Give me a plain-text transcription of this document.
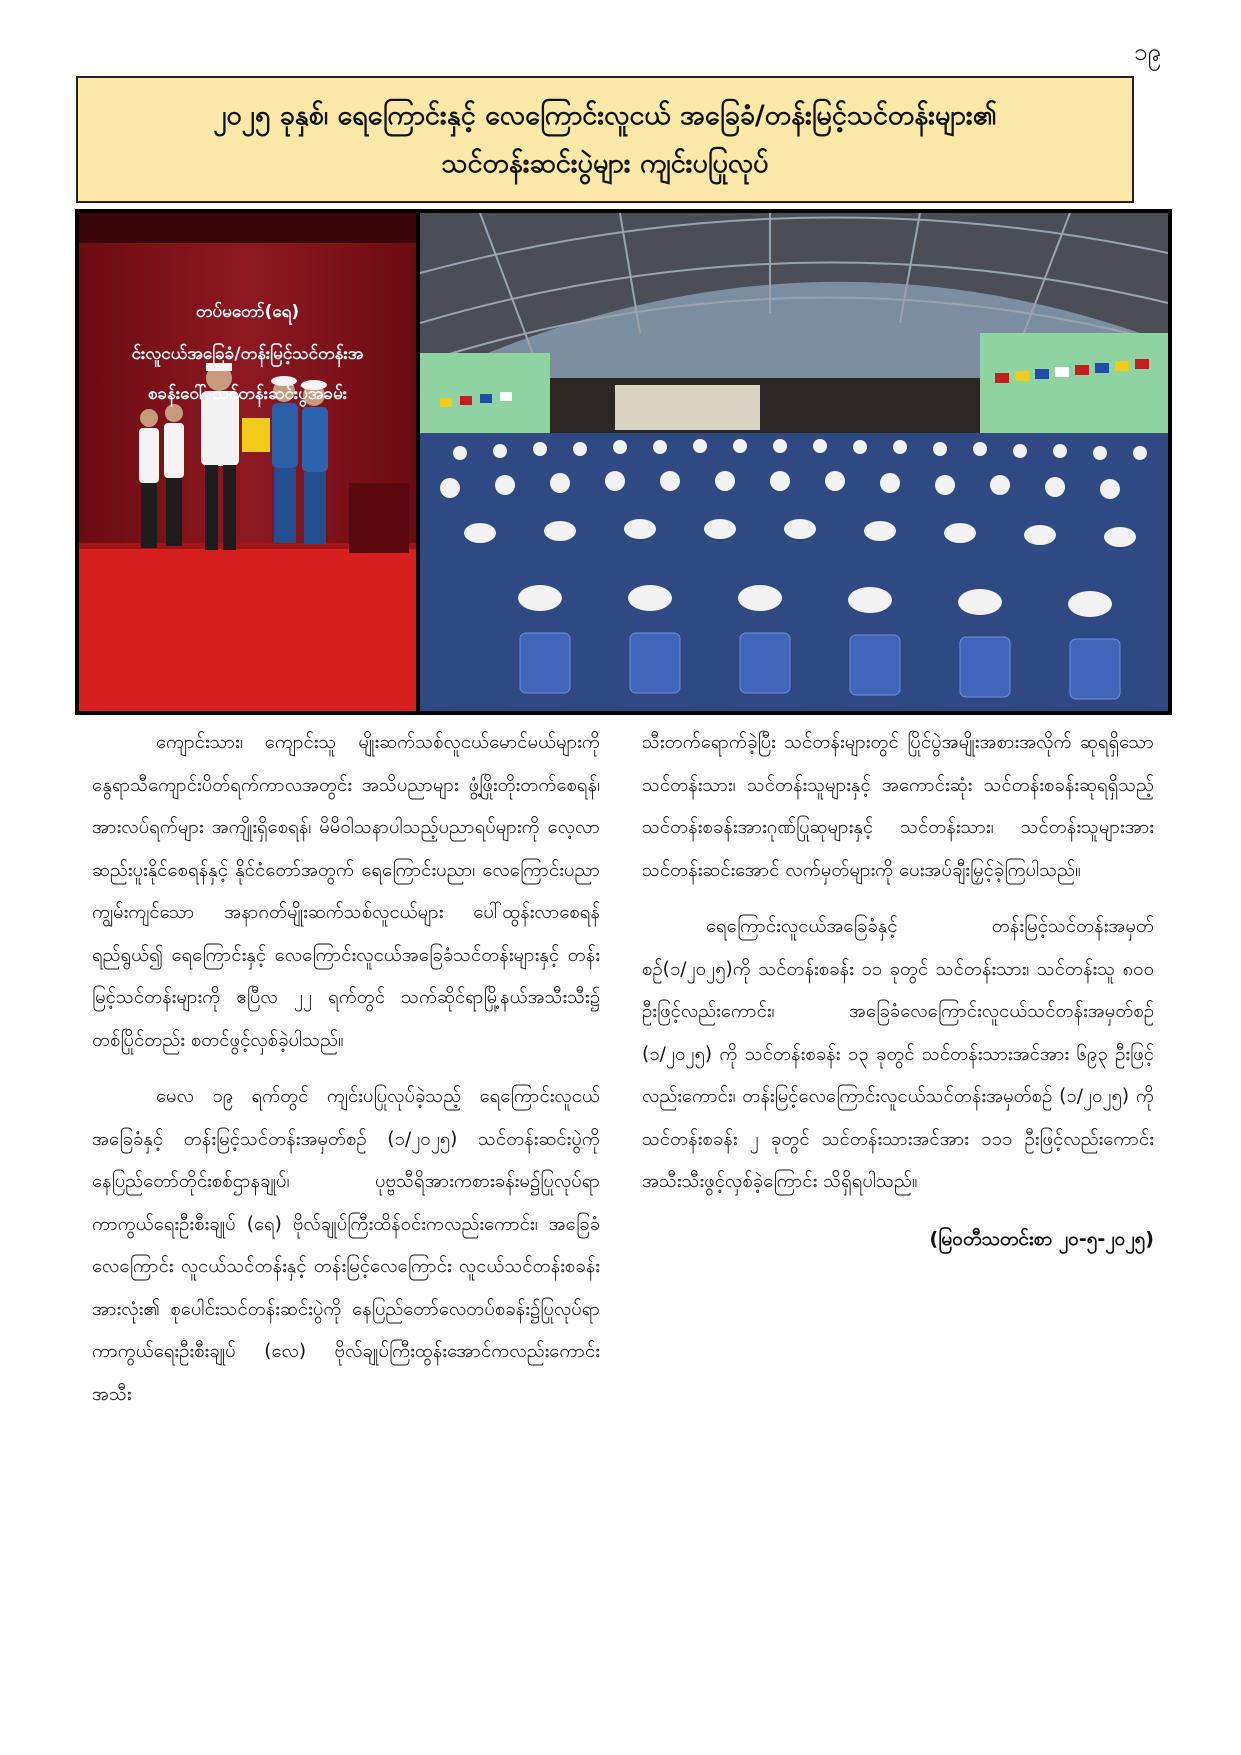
၁၉
၂၀၂၅ ခုနှစ်၊ ရေကြောင်းနှင့် လေကြောင်းလူငယ် အခြေခံ/တန်းမြင့်သင်တန်းများ၏
သင်တန်းဆင်းပွဲများ ကျင်းပပြုလုပ်
တပ်မတော်(ရေ)
င်းလူငယ်အခြေခံ/တန်းမြင့်သင်တန်းအ
စခန်းဝေါ် သင်တန်းဆင်းပွဲအခမ်း

ကျောင်းသား၊ ကျောင်းသူ မျိုးဆက်သစ်လူငယ်မောင်မယ်များကို နွေရာသီကျောင်းပိတ်ရက်ကာလအတွင်း အသိပညာများ ဖွံ့ဖြိုးတိုးတက်စေရန်၊ အားလပ်ရက်များ အကျိုးရှိစေရန်၊ မိမိဝါသနာပါသည့်ပညာရပ်များကို လေ့လာ ဆည်းပူးနိုင်စေရန်နှင့် နိုင်ငံတော်အတွက် ရေကြောင်းပညာ၊ လေကြောင်းပညာကျွမ်းကျင်သော အနာဂတ်မျိုးဆက်သစ်လူငယ်များ ပေါ်ထွန်းလာစေရန်ရည်ရွယ်၍ ရေကြောင်းနှင့် လေကြောင်းလူငယ်အခြေခံသင်တန်းများနှင့် တန်းမြင့်သင်တန်းများကို ဧပြီလ ၂၂ ရက်တွင် သက်ဆိုင်ရာမြို့နယ်အသီးသီး၌ တစ်ပြိုင်တည်း စတင်ဖွင့်လှစ်ခဲ့ပါသည်။

မေလ ၁၉ ရက်တွင် ကျင်းပပြုလုပ်ခဲ့သည့် ရေကြောင်းလူငယ်အခြေခံနှင့် တန်းမြင့်သင်တန်းအမှတ်စဉ် (၁/၂၀၂၅) သင်တန်းဆင်းပွဲကို နေပြည်တော်တိုင်းစစ်ဌာနချုပ်၊ ပုဗ္ဗသီရိအားကစားခန်းမ၌ပြုလုပ်ရာ ကာကွယ်ရေးဦးစီးချုပ် (ရေ) ဗိုလ်ချုပ်ကြီးထိန်ဝင်းကလည်းကောင်း၊ အခြေခံလေကြောင်း လူငယ်သင်တန်းနှင့် တန်းမြင့်လေကြောင်း လူငယ်သင်တန်းစခန်းအားလုံး၏ စုပေါင်းသင်တန်းဆင်းပွဲကို နေပြည်တော်လေတပ်စခန်း၌ပြုလုပ်ရာ ကာကွယ်ရေးဦးစီးချုပ် (လေ) ဗိုလ်ချုပ်ကြီးထွန်းအောင်ကလည်းကောင်း အသီး

သီးတက်ရောက်ခဲ့ပြီး သင်တန်းများတွင် ပြိုင်ပွဲအမျိုးအစားအလိုက် ဆုရရှိသော သင်တန်းသား၊ သင်တန်းသူများနှင့် အကောင်းဆုံး သင်တန်းစခန်းဆုရရှိသည့် သင်တန်းစခန်းအားဂုဏ်ပြုဆုများနှင့် သင်တန်းသား၊ သင်တန်းသူများအား သင်တန်းဆင်းအောင် လက်မှတ်များကို ပေးအပ်ချီးမြှင့်ခဲ့ကြပါသည်။

ရေကြောင်းလူငယ်အခြေခံနှင့် တန်းမြင့်သင်တန်းအမှတ်စဉ်(၁/၂၀၂၅)ကို သင်တန်းစခန်း ၁၁ ခုတွင် သင်တန်းသား၊ သင်တန်းသူ ၈၀၀ ဦးဖြင့်လည်းကောင်း၊ အခြေခံလေကြောင်းလူငယ်သင်တန်းအမှတ်စဉ် (၁/၂၀၂၅) ကို သင်တန်းစခန်း ၁၃ ခုတွင် သင်တန်းသားအင်အား ၆၉၃ ဦးဖြင့်လည်းကောင်း၊ တန်းမြင့်လေကြောင်းလူငယ်သင်တန်းအမှတ်စဉ် (၁/၂၀၂၅) ကို သင်တန်းစခန်း ၂ ခုတွင် သင်တန်းသားအင်အား ၁၁၁ ဦးဖြင့်လည်းကောင်း အသီးသီးဖွင့်လှစ်ခဲ့ကြောင်း သိရှိရပါသည်။

(မြဝတီသတင်းစာ ၂၀-၅-၂၀၂၅)
